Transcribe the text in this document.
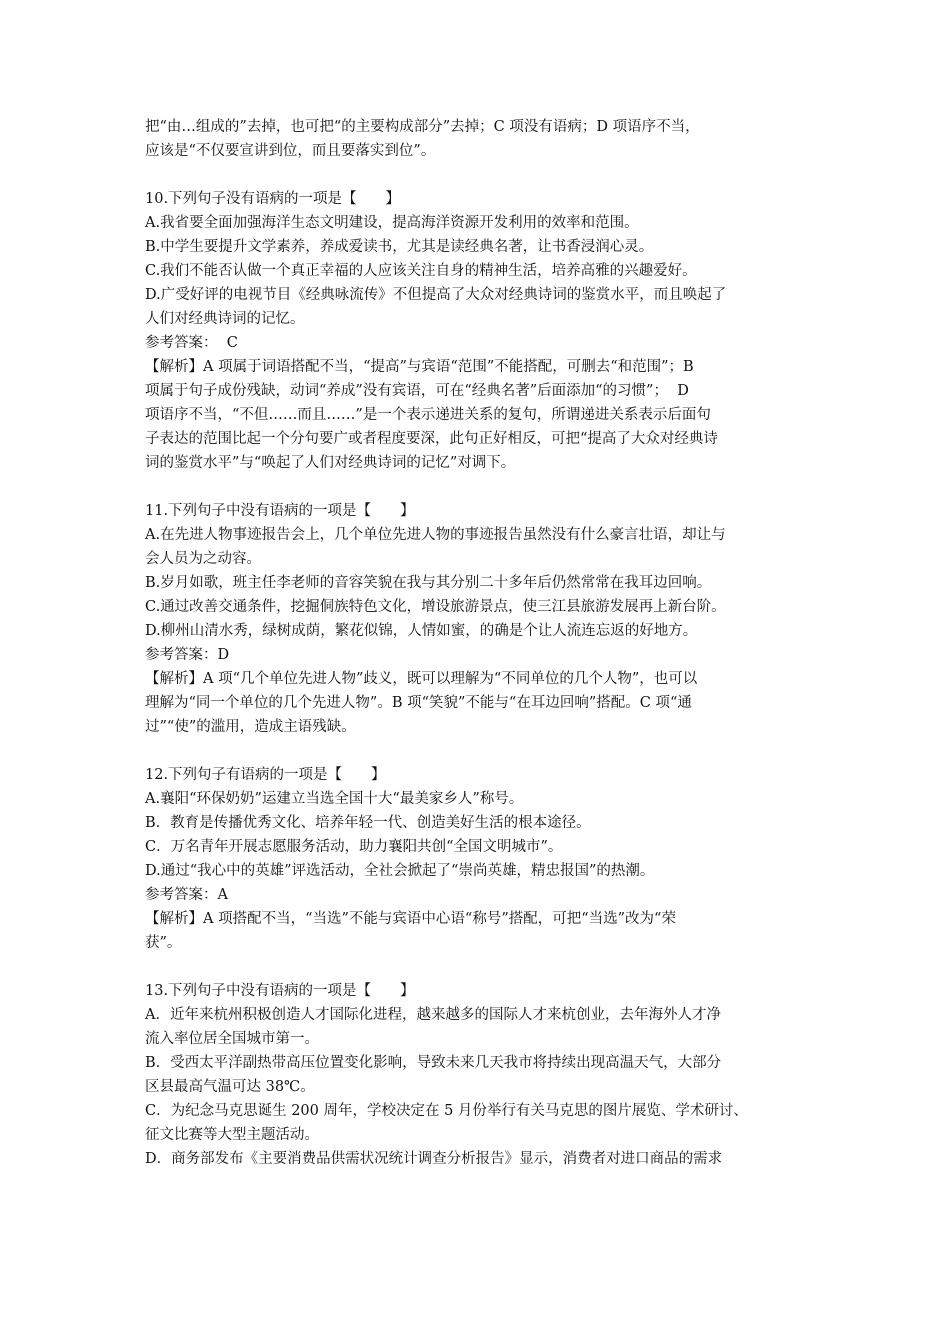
把“由…组成的”去掉，也可把“的主要构成部分”去掉；C 项没有语病；D 项语序不当，
应该是“不仅要宣讲到位，而且要落实到位”。
10.下列句子没有语病的一项是【　　】
A.我省要全面加强海洋生态文明建设，提高海洋资源开发利用的效率和范围。
B.中学生要提升文学素养，养成爱读书，尤其是读经典名著，让书香浸润心灵。
C.我们不能否认做一个真正幸福的人应该关注自身的精神生活，培养高雅的兴趣爱好。
D.广受好评的电视节目《经典咏流传》不但提高了大众对经典诗词的鉴赏水平，而且唤起了
人们对经典诗词的记忆。
参考答案：  C
【解析】A 项属于词语搭配不当，“提高”与宾语“范围”不能搭配，可删去“和范围”；B
项属于句子成份残缺，动词“养成”没有宾语，可在“经典名著”后面添加“的习惯”；  D
项语序不当，“不但……而且……”是一个表示递进关系的复句，所谓递进关系表示后面句
子表达的范围比起一个分句要广或者程度要深，此句正好相反，可把“提高了大众对经典诗
词的鉴赏水平”与“唤起了人们对经典诗词的记忆”对调下。
11.下列句子中没有语病的一项是【　　】
A.在先进人物事迹报告会上，几个单位先进人物的事迹报告虽然没有什么豪言壮语，却让与
会人员为之动容。
B.岁月如歌，班主任李老师的音容笑貌在我与其分别二十多年后仍然常常在我耳边回响。
C.通过改善交通条件，挖掘侗族特色文化，增设旅游景点，使三江县旅游发展再上新台阶。
D.柳州山清水秀，绿树成荫，繁花似锦，人情如蜜，的确是个让人流连忘返的好地方。
参考答案：D
【解析】A 项“几个单位先进人物”歧义，既可以理解为“不同单位的几个人物”，也可以
理解为“同一个单位的几个先进人物”。B 项“笑貌”不能与“在耳边回响”搭配。C 项“通
过”“使”的滥用，造成主语残缺。
12.下列句子有语病的一项是【　　】
A.襄阳“环保奶奶”运建立当选全国十大“最美家乡人”称号。
B．教育是传播优秀文化、培养年轻一代、创造美好生活的根本途径。
C．万名青年开展志愿服务活动，助力襄阳共创“全国文明城市”。
D.通过“我心中的英雄”评选活动，全社会掀起了“崇尚英雄，精忠报国”的热潮。
参考答案：A
【解析】A 项搭配不当，“当选”不能与宾语中心语“称号”搭配，可把“当选”改为“荣
获”。
13.下列句子中没有语病的一项是【　　】
A．近年来杭州积极创造人才国际化进程，越来越多的国际人才来杭创业，去年海外人才净
流入率位居全国城市第一。
B．受西太平洋副热带高压位置变化影响，导致未来几天我市将持续出现高温天气，大部分
区县最高气温可达 38℃。
C．为纪念马克思诞生 200 周年，学校决定在 5 月份举行有关马克思的图片展览、学术研讨、
征文比赛等大型主题活动。
D．商务部发布《主要消费品供需状况统计调查分析报告》显示，消费者对进口商品的需求
